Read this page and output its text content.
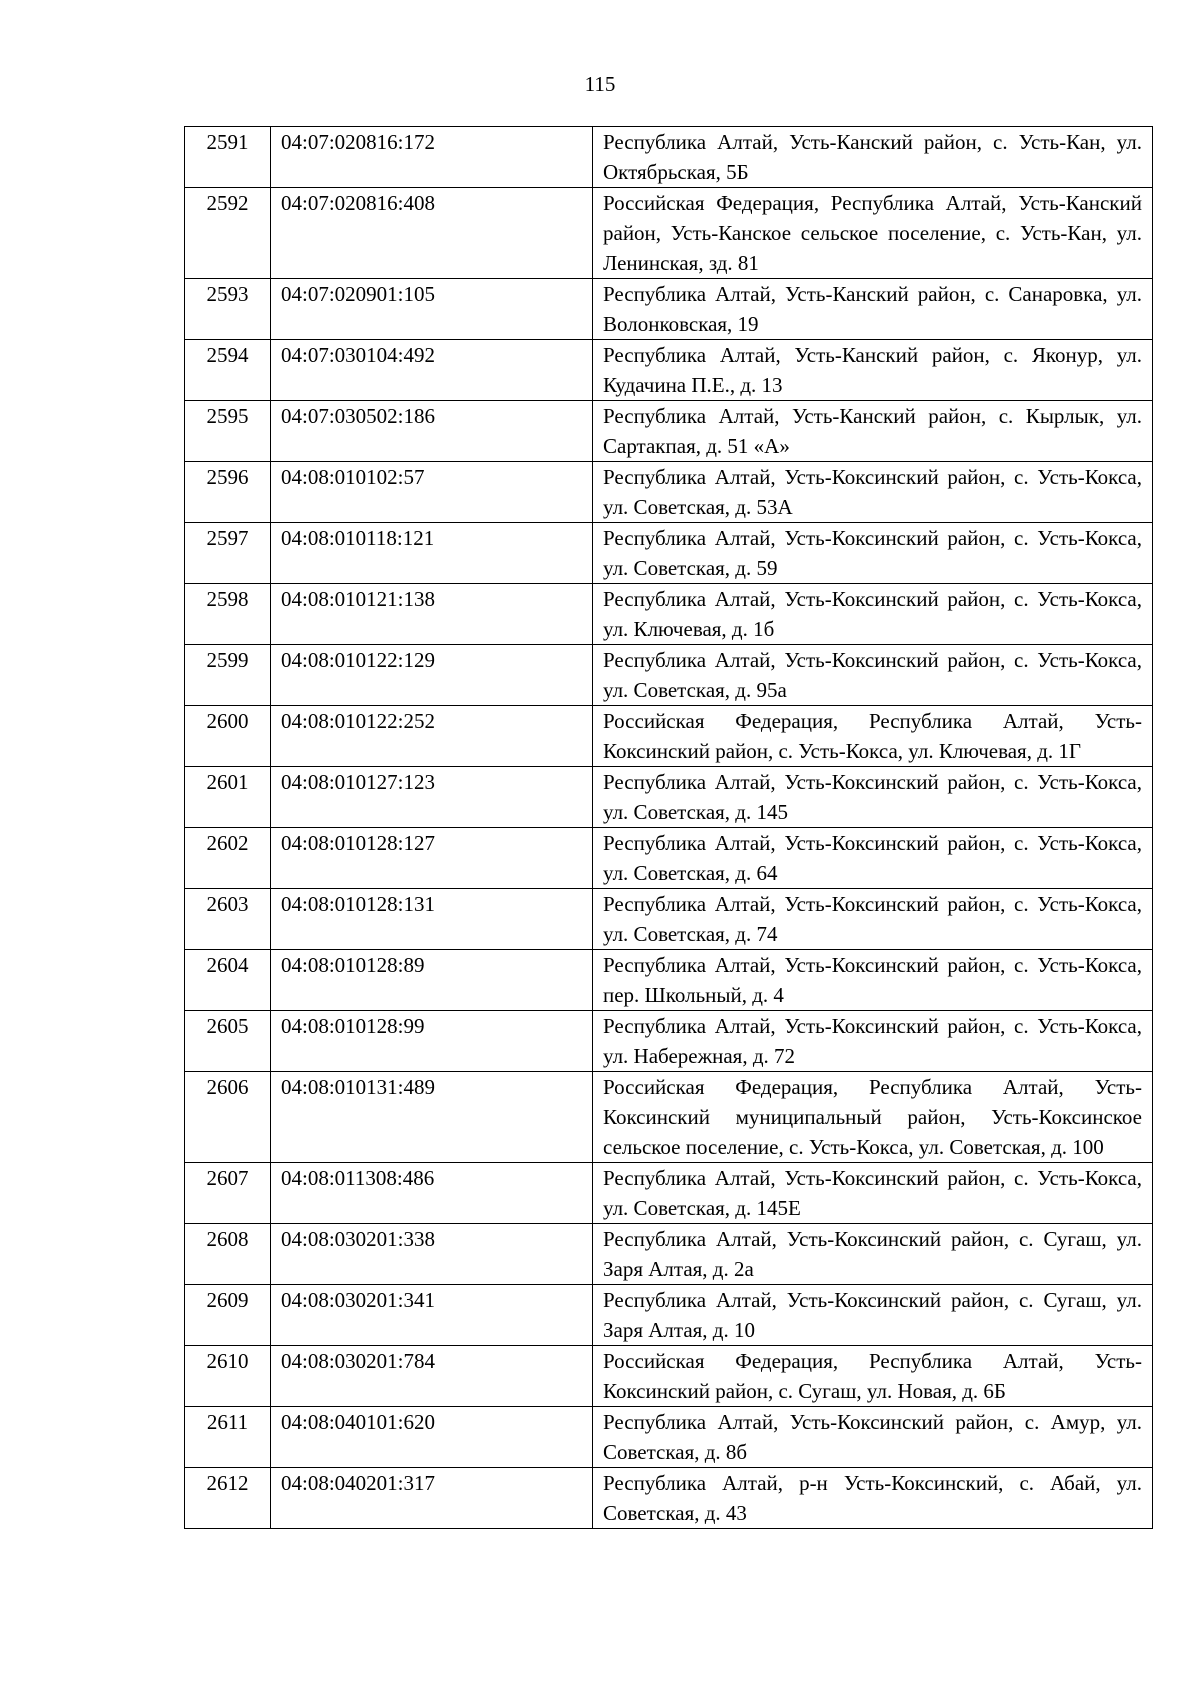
115
2591	04:07:020816:172	Республика Алтай, Усть-Канский район, с. Усть-Кан, ул. Октябрьская, 5Б
2592	04:07:020816:408	Российская Федерация, Республика Алтай, Усть-Канский район, Усть-Канское сельское поселение, с. Усть-Кан, ул. Ленинская, зд. 81
2593	04:07:020901:105	Республика Алтай, Усть-Канский район, с. Санаровка, ул. Волонковская, 19
2594	04:07:030104:492	Республика Алтай, Усть-Канский район, с. Яконур, ул. Кудачина П.Е., д. 13
2595	04:07:030502:186	Республика Алтай, Усть-Канский район, с. Кырлык, ул. Сартакпая, д. 51 «А»
2596	04:08:010102:57	Республика Алтай, Усть-Коксинский район, с. Усть-Кокса, ул. Советская, д. 53А
2597	04:08:010118:121	Республика Алтай, Усть-Коксинский район, с. Усть-Кокса, ул. Советская, д. 59
2598	04:08:010121:138	Республика Алтай, Усть-Коксинский район, с. Усть-Кокса, ул. Ключевая, д. 1б
2599	04:08:010122:129	Республика Алтай, Усть-Коксинский район, с. Усть-Кокса, ул. Советская, д. 95а
2600	04:08:010122:252	Российская Федерация, Республика Алтай, Усть-Коксинский район, с. Усть-Кокса, ул. Ключевая, д. 1Г
2601	04:08:010127:123	Республика Алтай, Усть-Коксинский район, с. Усть-Кокса, ул. Советская, д. 145
2602	04:08:010128:127	Республика Алтай, Усть-Коксинский район, с. Усть-Кокса, ул. Советская, д. 64
2603	04:08:010128:131	Республика Алтай, Усть-Коксинский район, с. Усть-Кокса, ул. Советская, д. 74
2604	04:08:010128:89	Республика Алтай, Усть-Коксинский район, с. Усть-Кокса, пер. Школьный, д. 4
2605	04:08:010128:99	Республика Алтай, Усть-Коксинский район, с. Усть-Кокса, ул. Набережная, д. 72
2606	04:08:010131:489	Российская Федерация, Республика Алтай, Усть-Коксинский муниципальный район, Усть-Коксинское сельское поселение, с. Усть-Кокса, ул. Советская, д. 100
2607	04:08:011308:486	Республика Алтай, Усть-Коксинский район, с. Усть-Кокса, ул. Советская, д. 145Е
2608	04:08:030201:338	Республика Алтай, Усть-Коксинский район, с. Сугаш, ул. Заря Алтая, д. 2а
2609	04:08:030201:341	Республика Алтай, Усть-Коксинский район, с. Сугаш, ул. Заря Алтая, д. 10
2610	04:08:030201:784	Российская Федерация, Республика Алтай, Усть-Коксинский район, с. Сугаш, ул. Новая, д. 6Б
2611	04:08:040101:620	Республика Алтай, Усть-Коксинский район, с. Амур, ул. Советская, д. 8б
2612	04:08:040201:317	Республика Алтай, р-н Усть-Коксинский, с. Абай, ул. Советская, д. 43
